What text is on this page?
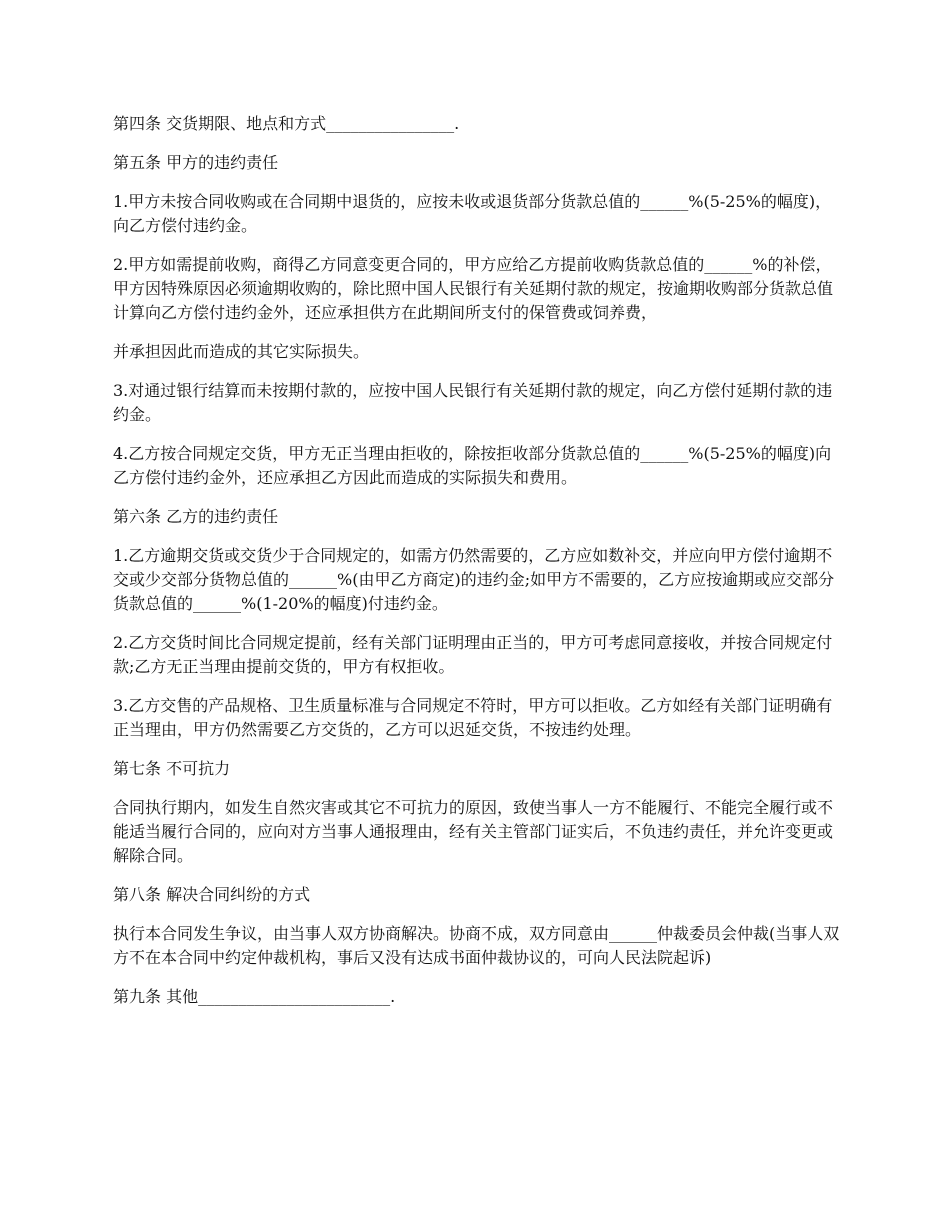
第四条 交货期限、地点和方式________________.

第五条 甲方的违约责任

1.甲方未按合同收购或在合同期中退货的，应按未收或退货部分货款总值的______%(5-25%的幅度)，向乙方偿付违约金。

2.甲方如需提前收购，商得乙方同意变更合同的，甲方应给乙方提前收购货款总值的______%的补偿，甲方因特殊原因必须逾期收购的，除比照中国人民银行有关延期付款的规定，按逾期收购部分货款总值计算向乙方偿付违约金外，还应承担供方在此期间所支付的保管费或饲养费，

并承担因此而造成的其它实际损失。

3.对通过银行结算而未按期付款的，应按中国人民银行有关延期付款的规定，向乙方偿付延期付款的违约金。

4.乙方按合同规定交货，甲方无正当理由拒收的，除按拒收部分货款总值的______%(5-25%的幅度)向乙方偿付违约金外，还应承担乙方因此而造成的实际损失和费用。

第六条 乙方的违约责任

1.乙方逾期交货或交货少于合同规定的，如需方仍然需要的，乙方应如数补交，并应向甲方偿付逾期不交或少交部分货物总值的______%(由甲乙方商定)的违约金;如甲方不需要的，乙方应按逾期或应交部分货款总值的______%(1-20%的幅度)付违约金。

2.乙方交货时间比合同规定提前，经有关部门证明理由正当的，甲方可考虑同意接收，并按合同规定付款;乙方无正当理由提前交货的，甲方有权拒收。

3.乙方交售的产品规格、卫生质量标准与合同规定不符时，甲方可以拒收。乙方如经有关部门证明确有正当理由，甲方仍然需要乙方交货的，乙方可以迟延交货，不按违约处理。

第七条 不可抗力

合同执行期内，如发生自然灾害或其它不可抗力的原因，致使当事人一方不能履行、不能完全履行或不能适当履行合同的，应向对方当事人通报理由，经有关主管部门证实后，不负违约责任，并允许变更或解除合同。

第八条 解决合同纠纷的方式

执行本合同发生争议，由当事人双方协商解决。协商不成，双方同意由______仲裁委员会仲裁(当事人双方不在本合同中约定仲裁机构，事后又没有达成书面仲裁协议的，可向人民法院起诉)

第九条 其他________________________.
